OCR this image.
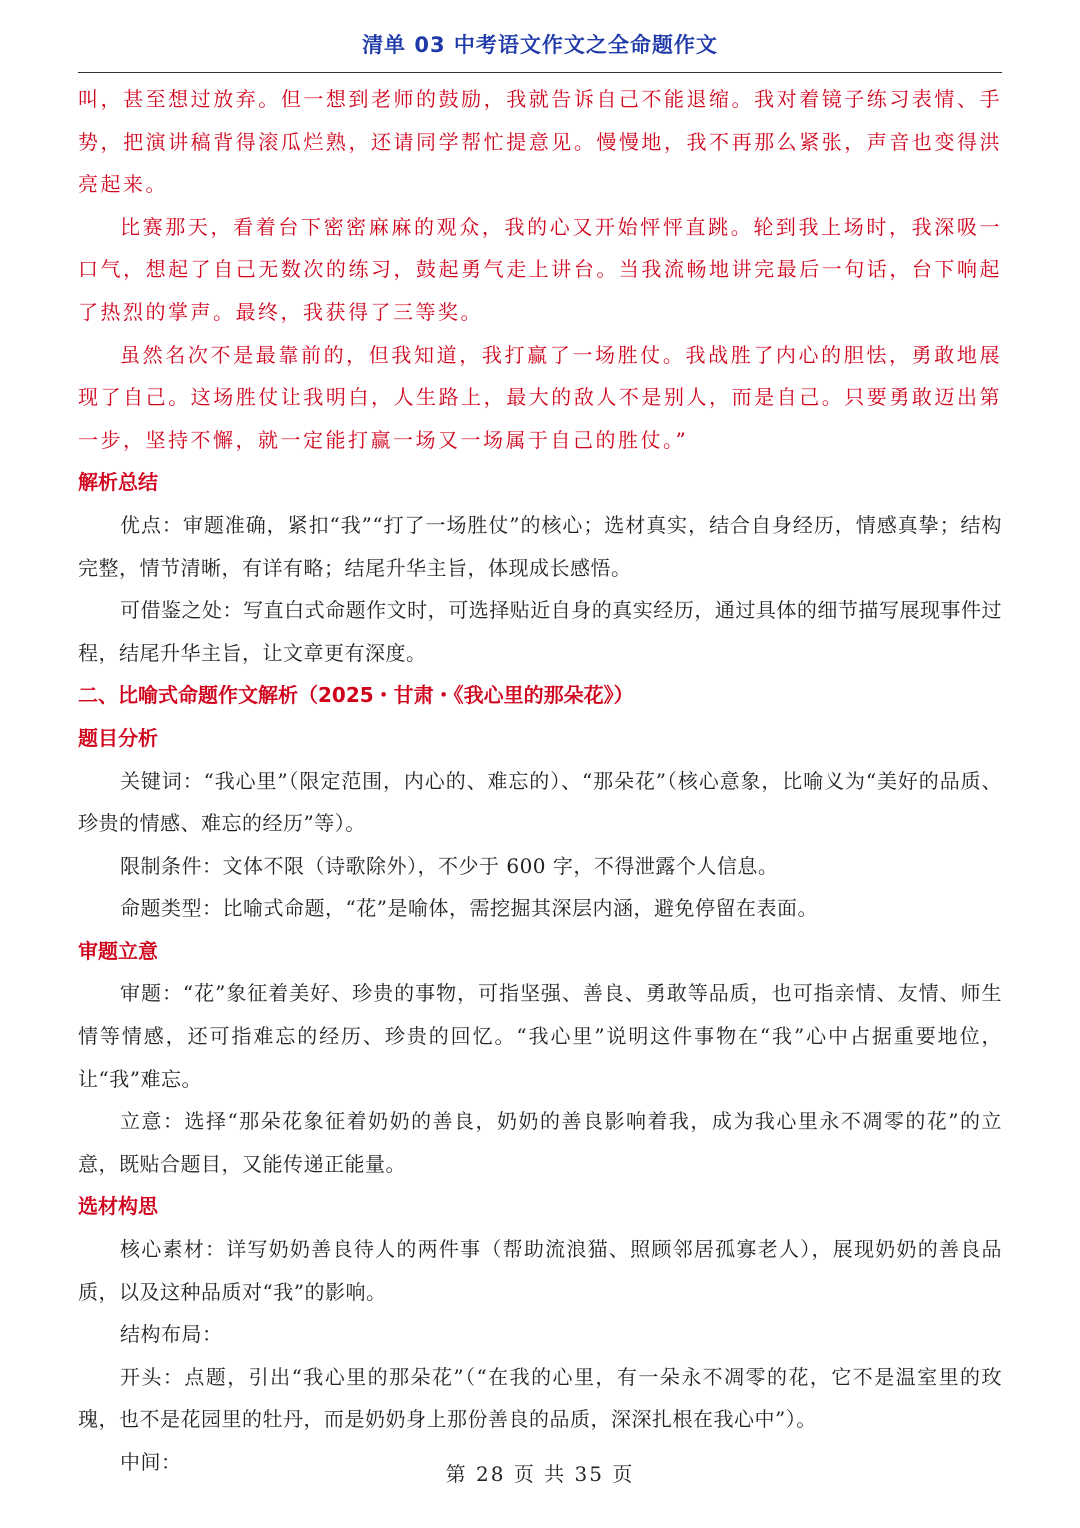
清单 03 中考语文作文之全命题作文

叫，甚至想过放弃。但一想到老师的鼓励，我就告诉自己不能退缩。我对着镜子练习表情、手势，把演讲稿背得滚瓜烂熟，还请同学帮忙提意见。慢慢地，我不再那么紧张，声音也变得洪亮起来。

比赛那天，看着台下密密麻麻的观众，我的心又开始怦怦直跳。轮到我上场时，我深吸一口气，想起了自己无数次的练习，鼓起勇气走上讲台。当我流畅地讲完最后一句话，台下响起了热烈的掌声。最终，我获得了三等奖。

虽然名次不是最靠前的，但我知道，我打赢了一场胜仗。我战胜了内心的胆怯，勇敢地展现了自己。这场胜仗让我明白，人生路上，最大的敌人不是别人，而是自己。只要勇敢迈出第一步，坚持不懈，就一定能打赢一场又一场属于自己的胜仗。”

解析总结

优点：审题准确，紧扣“我”“打了一场胜仗”的核心；选材真实，结合自身经历，情感真挚；结构完整，情节清晰，有详有略；结尾升华主旨，体现成长感悟。

可借鉴之处：写直白式命题作文时，可选择贴近自身的真实经历，通过具体的细节描写展现事件过程，结尾升华主旨，让文章更有深度。

二、比喻式命题作文解析（2025・甘肃・《我心里的那朵花》）

题目分析

关键词：“我心里”（限定范围，内心的、难忘的）、“那朵花”（核心意象，比喻义为“美好的品质、珍贵的情感、难忘的经历”等）。

限制条件：文体不限（诗歌除外），不少于 600 字，不得泄露个人信息。

命题类型：比喻式命题，“花”是喻体，需挖掘其深层内涵，避免停留在表面。

审题立意

审题：“花”象征着美好、珍贵的事物，可指坚强、善良、勇敢等品质，也可指亲情、友情、师生情等情感，还可指难忘的经历、珍贵的回忆。“我心里”说明这件事物在“我”心中占据重要地位，让“我”难忘。

立意：选择“那朵花象征着奶奶的善良，奶奶的善良影响着我，成为我心里永不凋零的花”的立意，既贴合题目，又能传递正能量。

选材构思

核心素材：详写奶奶善良待人的两件事（帮助流浪猫、照顾邻居孤寡老人），展现奶奶的善良品质，以及这种品质对“我”的影响。

结构布局：

开头：点题，引出“我心里的那朵花”（“在我的心里，有一朵永不凋零的花，它不是温室里的玫瑰，也不是花园里的牡丹，而是奶奶身上那份善良的品质，深深扎根在我心中”）。

中间：	第 28 页 共 35 页
